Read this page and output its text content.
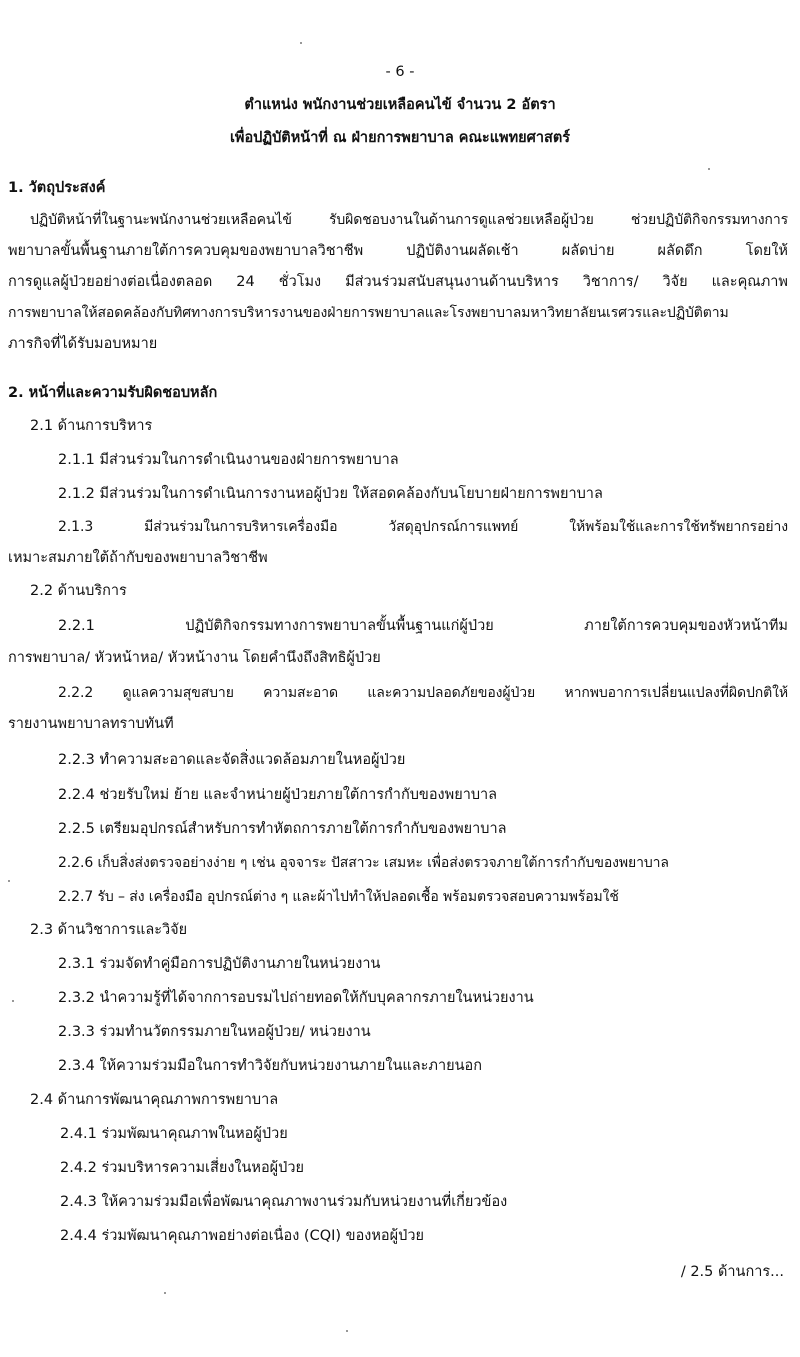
- 6 -
ตำแหน่ง พนักงานช่วยเหลือคนไข้ จำนวน 2 อัตรา
เพื่อปฏิบัติหน้าที่ ณ ฝ่ายการพยาบาล คณะแพทยศาสตร์
1. วัตถุประสงค์
ปฏิบัติหน้าที่ในฐานะพนักงานช่วยเหลือคนไข้ รับผิดชอบงานในด้านการดูแลช่วยเหลือผู้ป่วย ช่วยปฏิบัติกิจกรรมทางการ
พยาบาลขั้นพื้นฐานภายใต้การควบคุมของพยาบาลวิชาชีพ ปฏิบัติงานผลัดเช้า ผลัดบ่าย ผลัดดึก โดยให้
การดูแลผู้ป่วยอย่างต่อเนื่องตลอด 24 ชั่วโมง มีส่วนร่วมสนับสนุนงานด้านบริหาร วิชาการ/ วิจัย และคุณภาพ
การพยาบาลให้สอดคล้องกับทิศทางการบริหารงานของฝ่ายการพยาบาลและโรงพยาบาลมหาวิทยาลัยนเรศวรและปฏิบัติตาม
ภารกิจที่ได้รับมอบหมาย
2. หน้าที่และความรับผิดชอบหลัก
2.1 ด้านการบริหาร
2.1.1 มีส่วนร่วมในการดำเนินงานของฝ่ายการพยาบาล
2.1.2 มีส่วนร่วมในการดำเนินการงานหอผู้ป่วย ให้สอดคล้องกับนโยบายฝ่ายการพยาบาล
2.1.3 มีส่วนร่วมในการบริหารเครื่องมือ วัสดุอุปกรณ์การแพทย์ ให้พร้อมใช้และการใช้ทรัพยากรอย่าง
เหมาะสมภายใต้ถ้ากับของพยาบาลวิชาชีพ
2.2 ด้านบริการ
2.2.1 ปฏิบัติกิจกรรมทางการพยาบาลขั้นพื้นฐานแก่ผู้ป่วย ภายใต้การควบคุมของหัวหน้าทีม
การพยาบาล/ หัวหน้าหอ/ หัวหน้างาน โดยคำนึงถึงสิทธิผู้ป่วย
2.2.2 ดูแลความสุขสบาย ความสะอาด และความปลอดภัยของผู้ป่วย หากพบอาการเปลี่ยนแปลงที่ผิดปกติให้
รายงานพยาบาลทราบทันที
2.2.3 ทำความสะอาดและจัดสิ่งแวดล้อมภายในหอผู้ป่วย
2.2.4 ช่วยรับใหม่ ย้าย และจำหน่ายผู้ป่วยภายใต้การกำกับของพยาบาล
2.2.5 เตรียมอุปกรณ์สำหรับการทำหัตถการภายใต้การกำกับของพยาบาล
2.2.6 เก็บสิ่งส่งตรวจอย่างง่าย ๆ เช่น อุจจาระ ปัสสาวะ เสมหะ เพื่อส่งตรวจภายใต้การกำกับของพยาบาล
2.2.7 รับ – ส่ง เครื่องมือ อุปกรณ์ต่าง ๆ และผ้าไปทำให้ปลอดเชื้อ พร้อมตรวจสอบความพร้อมใช้
2.3 ด้านวิชาการและวิจัย
2.3.1 ร่วมจัดทำคู่มือการปฏิบัติงานภายในหน่วยงาน
2.3.2 นำความรู้ที่ได้จากการอบรมไปถ่ายทอดให้กับบุคลากรภายในหน่วยงาน
2.3.3 ร่วมทำนวัตกรรมภายในหอผู้ป่วย/ หน่วยงาน
2.3.4 ให้ความร่วมมือในการทำวิจัยกับหน่วยงานภายในและภายนอก
2.4 ด้านการพัฒนาคุณภาพการพยาบาล
2.4.1 ร่วมพัฒนาคุณภาพในหอผู้ป่วย
2.4.2 ร่วมบริหารความเสี่ยงในหอผู้ป่วย
2.4.3 ให้ความร่วมมือเพื่อพัฒนาคุณภาพงานร่วมกับหน่วยงานที่เกี่ยวข้อง
2.4.4 ร่วมพัฒนาคุณภาพอย่างต่อเนื่อง (CQI) ของหอผู้ป่วย
/ 2.5 ด้านการ...
